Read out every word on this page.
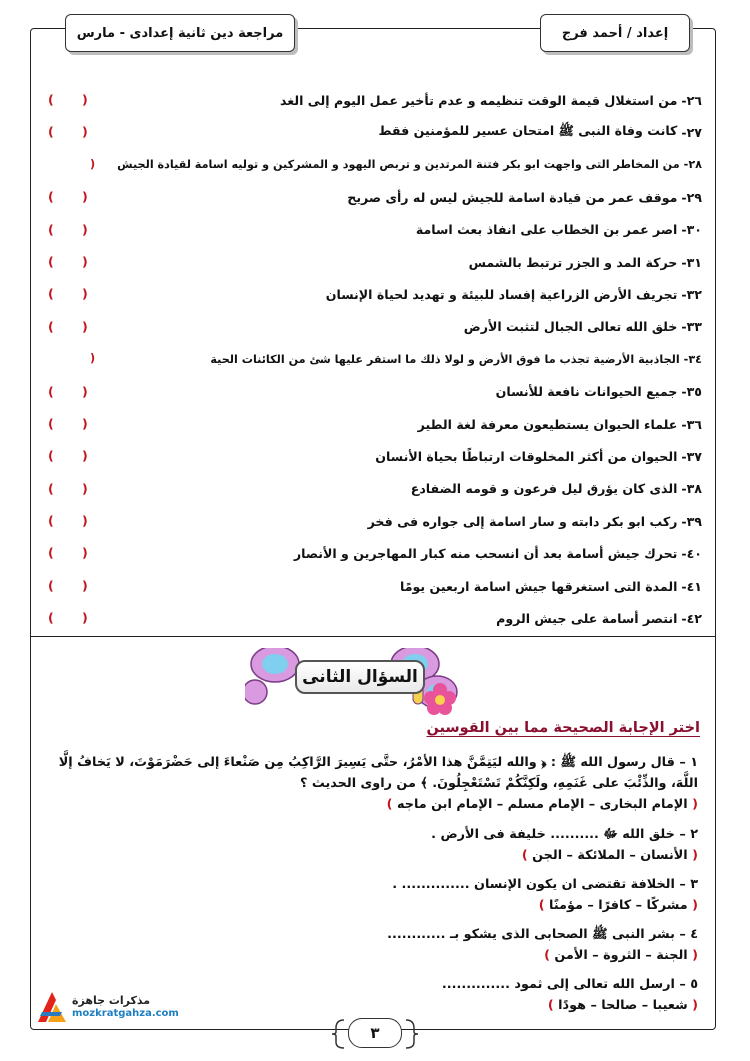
إعداد / أحمد فرج
مراجعة دين ثانية إعدادى - مارس
٢٦-
من استغلال قيمة الوقت تنظيمه و عدم تأخير عمل اليوم إلى الغد
) (
٢٧-
كانت وفاة النبى ﷺ امتحان عسير للمؤمنين فقط
) (
٢٨-
من المخاطر التى واجهت ابو بكر فتنة المرتدين و تربص اليهود و المشركين و توليه اسامة لقيادة الجيش
(
٢٩-
موقف عمر من قيادة اسامة للجيش ليس له رأى صريح
) (
٣٠-
اصر عمر بن الخطاب على انفاذ بعث اسامة
) (
٣١-
حركة المد و الجزر ترتبط بالشمس
) (
٣٢-
تجريف الأرض الزراعية إفساد للبيئة و تهديد لحياة الإنسان
) (
٣٣-
خلق الله تعالى الجبال لتثبت الأرض
) (
٣٤-
الجاذبية الأرضية تجذب ما فوق الأرض و لولا ذلك ما استقر عليها شئ من الكائنات الحية
(
٣٥-
جميع الحيوانات نافعة للأنسان
) (
٣٦-
علماء الحيوان يستطيعون معرفة لغة الطير
) (
٣٧-
الحيوان من أكثر المخلوقات ارتباطًا بحياة الأنسان
) (
٣٨-
الذى كان يؤرق ليل فرعون و قومه الضفادع
) (
٣٩-
ركب ابو بكر دابته و سار اسامة إلى جواره فى فخر
) (
٤٠-
تحرك جيش أسامة بعد أن انسحب منه كبار المهاجرين و الأنصار
) (
٤١-
المدة التى استغرقها جيش اسامة اربعين يومًا
) (
٤٢-
انتصر أسامة على جيش الروم
) (
السؤال الثانى
اختر الإجابة الصحيحة مما بين القوسين
١ – قال رسول الله ﷺ : ﴿ والله ليَتِمَّنَّ هذا الأمْرُ، حتَّى يَسِيرَ الرَّاكِبُ مِن صَنْعاءَ إلى حَضْرَمَوْتَ، لا يَخافُ إلَّا
اللَّهَ، والذِّئْبَ على غَنَمِهِ، ولَكِنَّكُمْ تَسْتَعْجِلُونَ. ﴾ من راوى الحديث ؟
( الإمام البخارى – الإمام مسلم – الإمام ابن ماجه )
٢ – خلق الله ﷻ .......... خليفة فى الأرض .
( الأنسان – الملائكة – الجن )
٣ – الخلافة تقتضى ان يكون الإنسان .............. .
( مشركًا – كافرًا – مؤمنًا )
٤ – بشر النبى ﷺ الصحابى الذى يشكو بـ ............
( الجنة – الثروة – الأمن )
٥ – ارسل الله تعالى إلى ثمود ..............
( شعيبا – صالحا – هودًا )
مذكرات جاهزة
mozkratgahza.com
٣
